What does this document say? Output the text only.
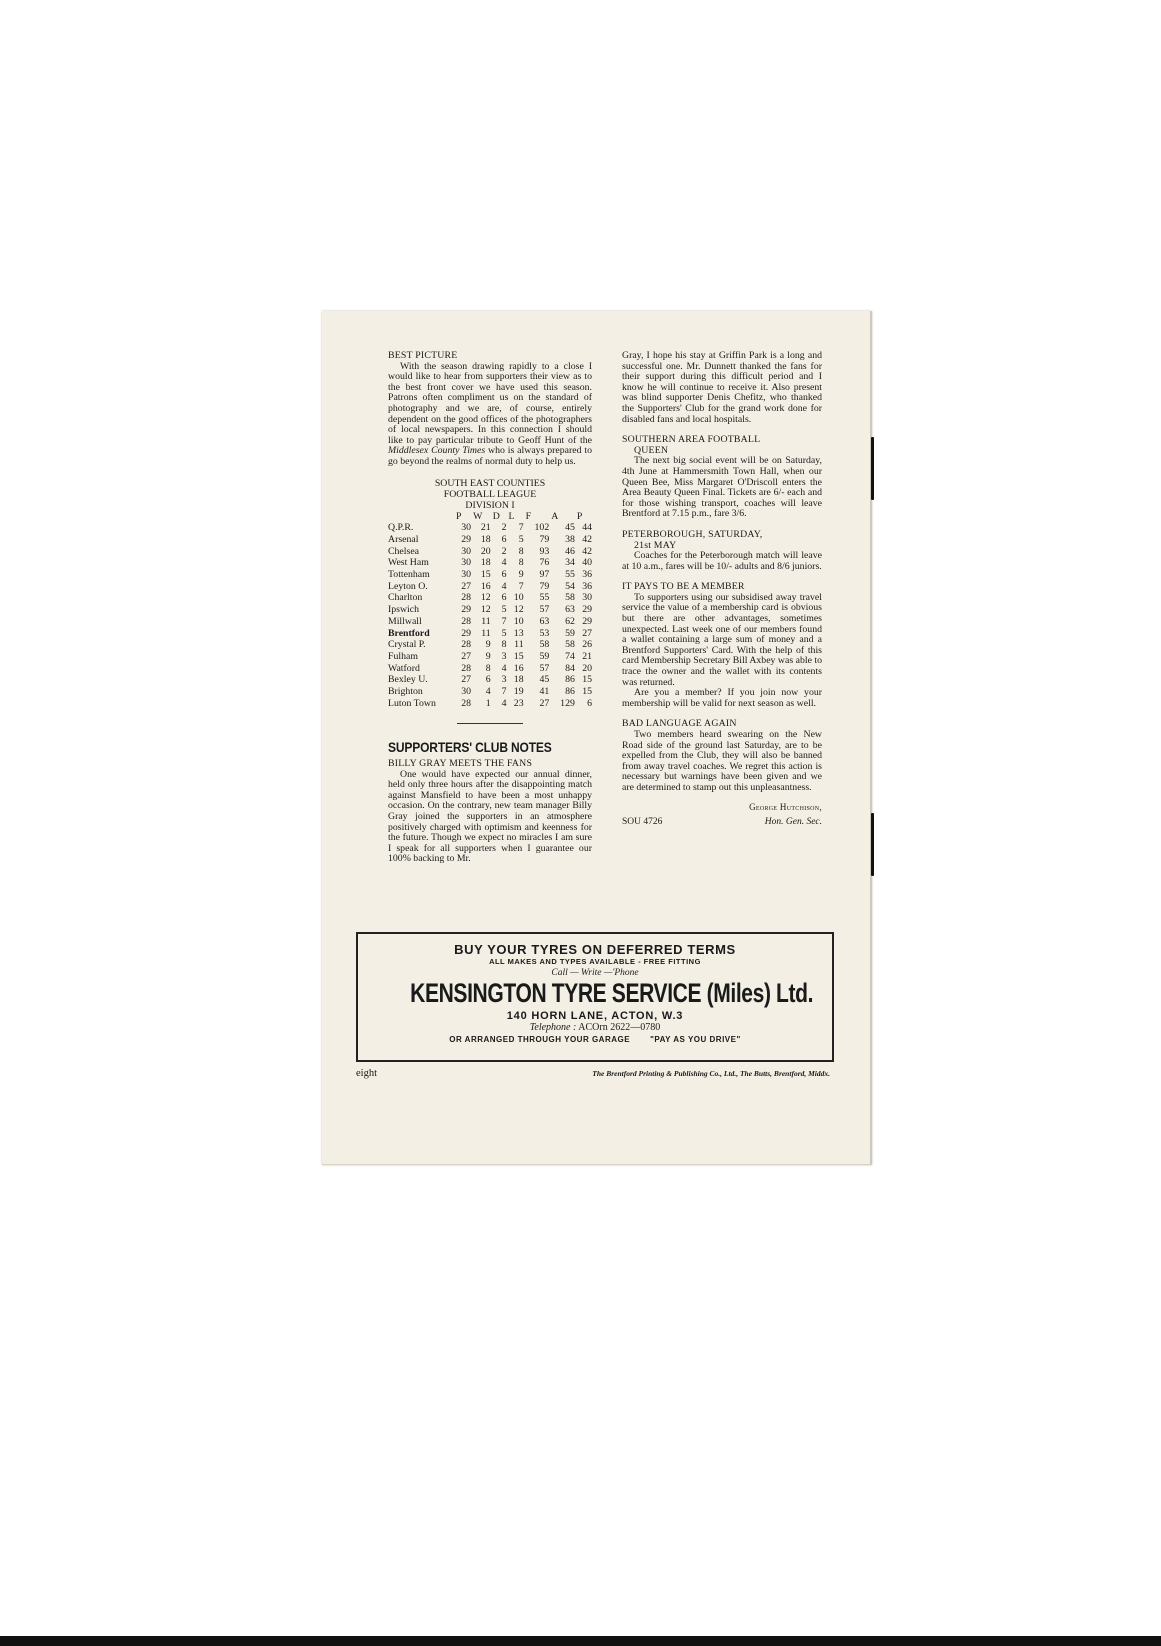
BEST PICTURE
With the season drawing rapidly to a close I would like to hear from supporters their view as to the best front cover we have used this season. Patrons often compliment us on the standard of photography and we are, of course, entirely dependent on the good offices of the photographers of local newspapers. In this connection I should like to pay particular tribute to Geoff Hunt of the Middlesex County Times who is always prepared to go beyond the realms of normal duty to help us.
SOUTH EAST COUNTIES
FOOTBALL LEAGUE
DIVISION I
	P	W	D	L	F	A	P
Q.P.R.	30	21	2	7	102	45	44
Arsenal	29	18	6	5	79	38	42
Chelsea	30	20	2	8	93	46	42
West Ham	30	18	4	8	76	34	40
Tottenham	30	15	6	9	97	55	36
Leyton O.	27	16	4	7	79	54	36
Charlton	28	12	6	10	55	58	30
Ipswich	29	12	5	12	57	63	29
Millwall	28	11	7	10	63	62	29
Brentford	29	11	5	13	53	59	27
Crystal P.	28	9	8	11	58	58	26
Fulham	27	9	3	15	59	74	21
Watford	28	8	4	16	57	84	20
Bexley U.	27	6	3	18	45	86	15
Brighton	30	4	7	19	41	86	15
Luton Town	28	1	4	23	27	129	6
SUPPORTERS' CLUB NOTES
BILLY GRAY MEETS THE FANS
One would have expected our annual dinner, held only three hours after the disappointing match against Mansfield to have been a most unhappy occasion. On the contrary, new team manager Billy Gray joined the supporters in an atmosphere positively charged with optimism and keenness for the future. Though we expect no miracles I am sure I speak for all supporters when I guarantee our 100% backing to Mr.
Gray, I hope his stay at Griffin Park is a long and successful one. Mr. Dunnett thanked the fans for their support during this difficult period and I know he will continue to receive it. Also present was blind supporter Denis Chefitz, who thanked the Supporters' Club for the grand work done for disabled fans and local hospitals.
SOUTHERN AREA FOOTBALL
QUEEN
The next big social event will be on Saturday, 4th June at Hammersmith Town Hall, when our Queen Bee, Miss Margaret O'Driscoll enters the Area Beauty Queen Final. Tickets are 6/- each and for those wishing transport, coaches will leave Brentford at 7.15 p.m., fare 3/6.
PETERBOROUGH, SATURDAY,
21st MAY
Coaches for the Peterborough match will leave at 10 a.m., fares will be 10/- adults and 8/6 juniors.
IT PAYS TO BE A MEMBER
To supporters using our subsidised away travel service the value of a membership card is obvious but there are other advantages, sometimes unexpected. Last week one of our members found a wallet containing a large sum of money and a Brentford Supporters' Card. With the help of this card Membership Secretary Bill Axbey was able to trace the owner and the wallet with its contents was returned.
Are you a member? If you join now your membership will be valid for next season as well.
BAD LANGUAGE AGAIN
Two members heard swearing on the New Road side of the ground last Saturday, are to be expelled from the Club, they will also be banned from away travel coaches. We regret this action is necessary but warnings have been given and we are determined to stamp out this unpleasantness.
George Hutchison,
SOU 4726	Hon. Gen. Sec.
BUY YOUR TYRES ON DEFERRED TERMS
ALL MAKES AND TYPES AVAILABLE - FREE FITTING
Call — Write —'Phone
KENSINGTON TYRE SERVICE (Miles) Ltd.
140 HORN LANE, ACTON, W.3
Telephone : ACOrn 2622—0780
OR ARRANGED THROUGH YOUR GARAGE	"PAY AS YOU DRIVE"
eight	The Brentford Printing & Publishing Co., Ltd., The Butts, Brentford, Middx.
